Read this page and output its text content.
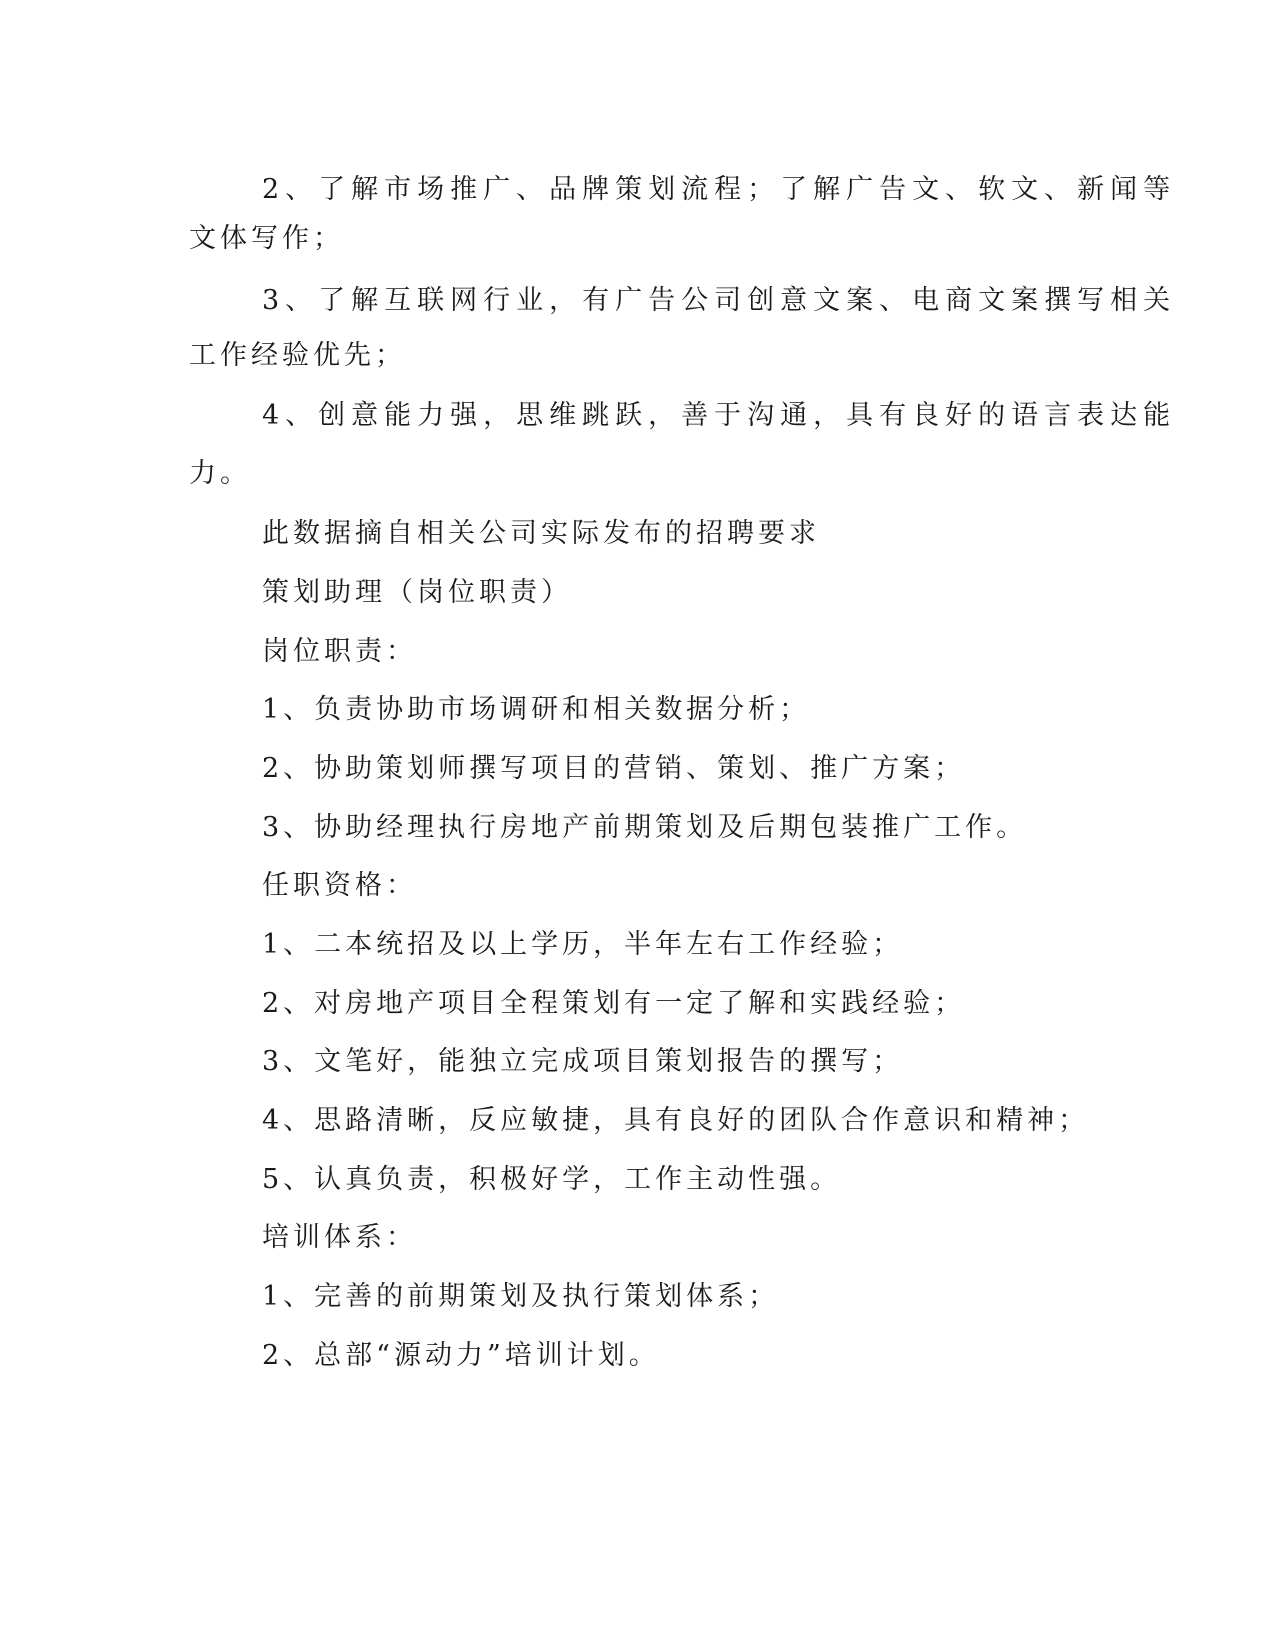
2、了解市场推广、品牌策划流程；了解广告文、软文、新闻等
文体写作；
3、了解互联网行业，有广告公司创意文案、电商文案撰写相关
工作经验优先；
4、创意能力强，思维跳跃，善于沟通，具有良好的语言表达能
力。
此数据摘自相关公司实际发布的招聘要求
策划助理（岗位职责）
岗位职责：
1、负责协助市场调研和相关数据分析；
2、协助策划师撰写项目的营销、策划、推广方案；
3、协助经理执行房地产前期策划及后期包装推广工作。
任职资格：
1、二本统招及以上学历，半年左右工作经验；
2、对房地产项目全程策划有一定了解和实践经验；
3、文笔好，能独立完成项目策划报告的撰写；
4、思路清晰，反应敏捷，具有良好的团队合作意识和精神；
5、认真负责，积极好学，工作主动性强。
培训体系：
1、完善的前期策划及执行策划体系；
2、总部“源动力”培训计划。
